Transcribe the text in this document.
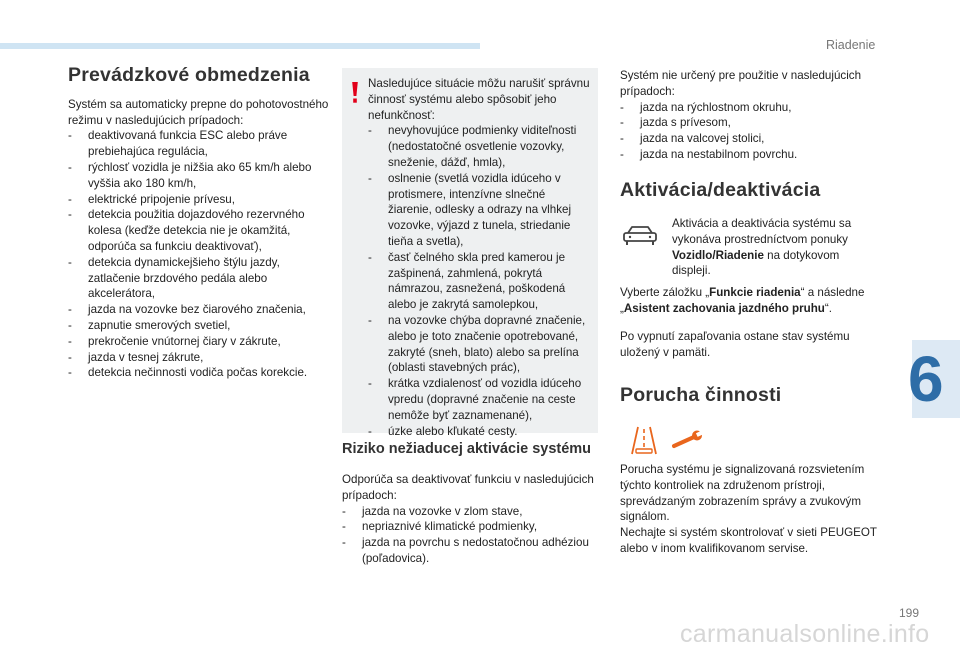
Riadenie
6
199
carmanualsonline.info
Prevádzkové obmedzenia

Systém sa automaticky prepne do pohotovostného režimu v nasledujúcich prípadoch:

- deaktivovaná funkcia ESC alebo práve prebiehajúca regulácia,
- rýchlosť vozidla je nižšia ako 65 km/h alebo vyššia ako 180 km/h,
- elektrické pripojenie prívesu,
- detekcia použitia dojazdového rezervného kolesa (keďže detekcia nie je okamžitá, odporúča sa funkciu deaktivovať),
- detekcia dynamickejšieho štýlu jazdy, zatlačenie brzdového pedála alebo akcelerátora,
- jazda na vozovke bez čiarového značenia,
- zapnutie smerových svetiel,
- prekročenie vnútornej čiary v zákrute,
- jazda v tesnej zákrute,
- detekcia nečinnosti vodiča počas korekcie.

Nasledujúce situácie môžu narušiť správnu činnosť systému alebo spôsobiť jeho nefunkčnosť:

- nevyhovujúce podmienky viditeľnosti (nedostatočné osvetlenie vozovky, sneženie, dážď, hmla),
- oslnenie (svetlá vozidla idúceho v protismere, intenzívne slnečné žiarenie, odlesky a odrazy na vlhkej vozovke, výjazd z tunela, striedanie tieňa a svetla),
- časť čelného skla pred kamerou je zašpinená, zahmlená, pokrytá námrazou, zasnežená, poškodená alebo je zakrytá samolepkou,
- na vozovke chýba dopravné značenie, alebo je toto značenie opotrebované, zakryté (sneh, blato) alebo sa prelína (oblasti stavebných prác),
- krátka vzdialenosť od vozidla idúceho vpredu (dopravné značenie na ceste nemôže byť zaznamenané),
- úzke alebo kľukaté cesty.
Riziko nežiaducej aktivácie systému

Odporúča sa deaktivovať funkciu v nasledujúcich prípadoch:

- jazda na vozovke v zlom stave,
- nepriaznivé klimatické podmienky,
- jazda na povrchu s nedostatočnou adhéziou (poľadovica).

Systém nie určený pre použitie v nasledujúcich prípadoch:

- jazda na rýchlostnom okruhu,
- jazda s prívesom,
- jazda na valcovej stolici,
- jazda na nestabilnom povrchu.
Aktivácia/deaktivácia

Aktivácia a deaktivácia systému sa vykonáva prostredníctvom ponuky Vozidlo/Riadenie na dotykovom displeji.

Vyberte záložku „Funkcie riadenia“ a následne „Asistent zachovania jazdného pruhu“.

Po vypnutí zapaľovania ostane stav systému uložený v pamäti.

Porucha činnosti

Porucha systému je signalizovaná rozsvietením týchto kontroliek na združenom prístroji, sprevádzaným zobrazením správy a zvukovým signálom.

Nechajte si systém skontrolovať v sieti PEUGEOT alebo v inom kvalifikovanom servise.
